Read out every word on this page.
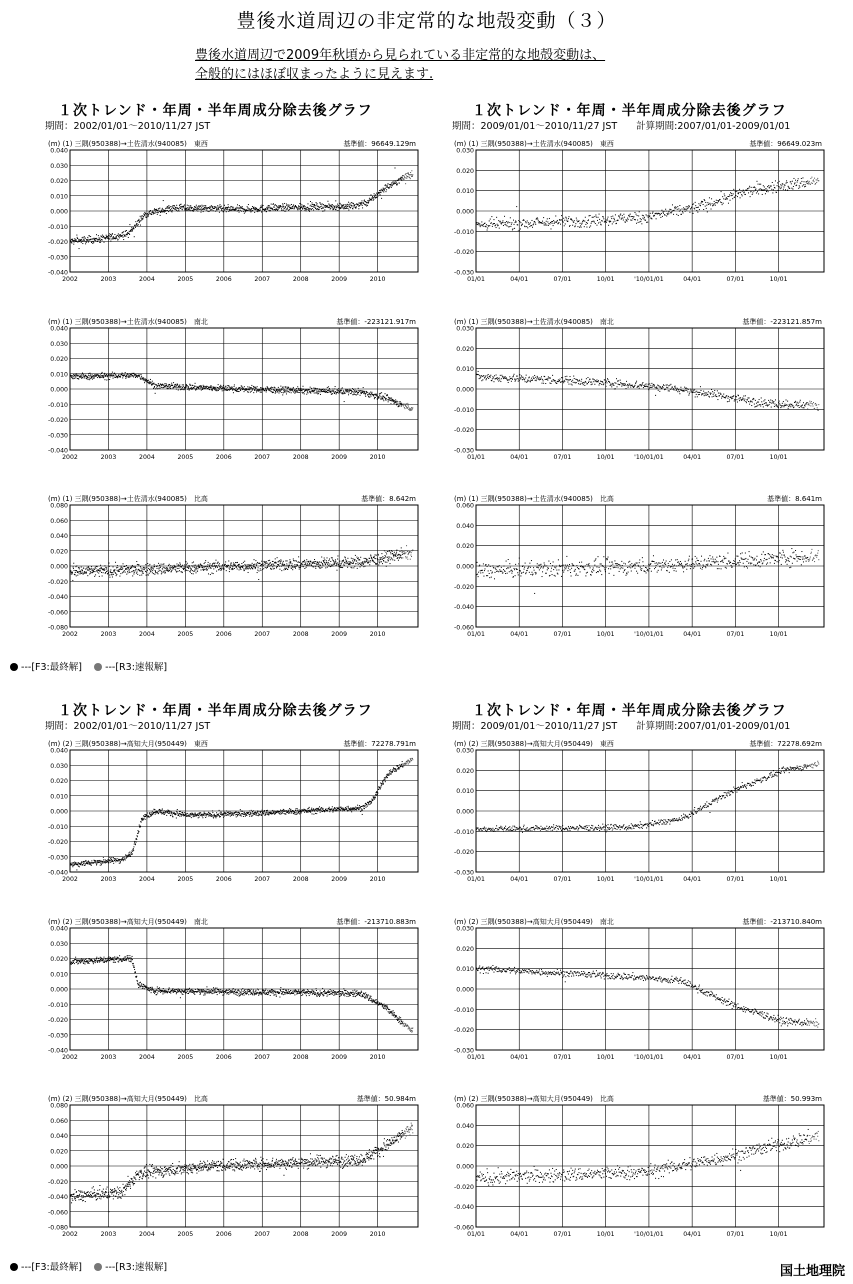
豊後水道周辺の非定常的な地殻変動（３）
豊後水道周辺で2009年秋頃から見られている非定常的な地殻変動は、
全般的にはほぼ収まったように見えます.
１次トレンド・年周・半年周成分除去後グラフ
期間：2002/01/01～2010/11/27 JST
１次トレンド・年周・半年周成分除去後グラフ
期間：2009/01/01～2010/11/27 JST　　計算期間:2007/01/01-2009/01/01
１次トレンド・年周・半年周成分除去後グラフ
期間：2002/01/01～2010/11/27 JST
１次トレンド・年周・半年周成分除去後グラフ
期間：2009/01/01～2010/11/27 JST　　計算期間:2007/01/01-2009/01/01
---[F3:最終解] ---[R3:速報解]
---[F3:最終解] ---[R3:速報解]	国土地理院
(m) (1) 三隅(950388)→土佐清水(940085)　東西	基準値：96649.129m
0.040
0.030
0.020
0.010
0.000
-0.010
-0.020
-0.030
-0.040
2002	2003	2004	2005	2006	2007	2008	2009	2010
(m) (1) 三隅(950388)→土佐清水(940085)　東西	基準値：96649.023m
0.030
0.020
0.010
0.000
-0.010
-0.020
-0.030
01/01	04/01	07/01	10/01	'10/01/01	04/01	07/01	10/01
(m) (1) 三隅(950388)→土佐清水(940085)　南北	基準値：-223121.917m
0.040
0.030
0.020
0.010
0.000
-0.010
-0.020
-0.030
-0.040
2002	2003	2004	2005	2006	2007	2008	2009	2010
(m) (1) 三隅(950388)→土佐清水(940085)　南北	基準値：-223121.857m
0.030
0.020
0.010
0.000
-0.010
-0.020
-0.030
01/01	04/01	07/01	10/01	'10/01/01	04/01	07/01	10/01
(m) (1) 三隅(950388)→土佐清水(940085)　比高	基準値：8.642m
0.080
0.060
0.040
0.020
0.000
-0.020
-0.040
-0.060
-0.080
2002	2003	2004	2005	2006	2007	2008	2009	2010
(m) (1) 三隅(950388)→土佐清水(940085)　比高	基準値：8.641m
0.060
0.040
0.020
0.000
-0.020
-0.040
-0.060
01/01	04/01	07/01	10/01	'10/01/01	04/01	07/01	10/01
(m) (2) 三隅(950388)→高知大月(950449)　東西	基準値：72278.791m
0.040
0.030
0.020
0.010
0.000
-0.010
-0.020
-0.030
-0.040
2002	2003	2004	2005	2006	2007	2008	2009	2010
(m) (2) 三隅(950388)→高知大月(950449)　東西	基準値：72278.692m
0.030
0.020
0.010
0.000
-0.010
-0.020
-0.030
01/01	04/01	07/01	10/01	'10/01/01	04/01	07/01	10/01
(m) (2) 三隅(950388)→高知大月(950449)　南北	基準値：-213710.883m
0.040
0.030
0.020
0.010
0.000
-0.010
-0.020
-0.030
-0.040
2002	2003	2004	2005	2006	2007	2008	2009	2010
(m) (2) 三隅(950388)→高知大月(950449)　南北	基準値：-213710.840m
0.030
0.020
0.010
0.000
-0.010
-0.020
-0.030
01/01	04/01	07/01	10/01	'10/01/01	04/01	07/01	10/01
(m) (2) 三隅(950388)→高知大月(950449)　比高	基準値：50.984m
0.080
0.060
0.040
0.020
0.000
-0.020
-0.040
-0.060
-0.080
2002	2003	2004	2005	2006	2007	2008	2009	2010
(m) (2) 三隅(950388)→高知大月(950449)　比高	基準値：50.993m
0.060
0.040
0.020
0.000
-0.020
-0.040
-0.060
01/01	04/01	07/01	10/01	'10/01/01	04/01	07/01	10/01
